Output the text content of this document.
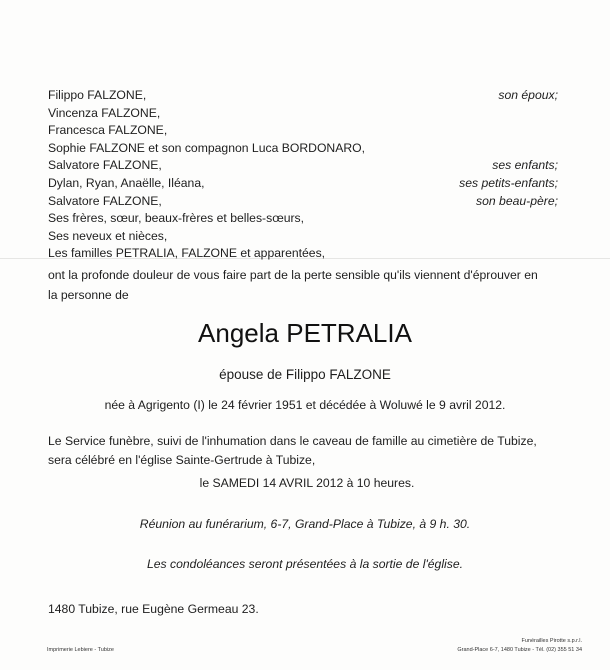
Filippo FALZONE,	son époux;
Vincenza FALZONE,
Francesca FALZONE,
Sophie FALZONE et son compagnon Luca BORDONARO,
Salvatore FALZONE,	ses enfants;
Dylan, Ryan, Anaëlle, Iléana,	ses petits-enfants;
Salvatore FALZONE,	son beau-père;
Ses frères, sœur, beaux-frères et belles-sœurs,
Ses neveux et nièces,
Les familles PETRALIA, FALZONE et apparentées,
ont la profonde douleur de vous faire part de la perte sensible qu'ils viennent d'éprouver en
la personne de
Angela PETRALIA
épouse de Filippo FALZONE
née à Agrigento (I) le 24 février 1951 et décédée à Woluwé le 9 avril 2012.
Le Service funèbre, suivi de l'inhumation dans le caveau de famille au cimetière de Tubize,
sera célébré en l'église Sainte-Gertrude à Tubize,
le SAMEDI 14 AVRIL 2012 à 10 heures.
Réunion au funérarium, 6-7, Grand-Place à Tubize, à 9 h. 30.
Les condoléances seront présentées à la sortie de l'église.
1480 Tubize, rue Eugène Germeau 23.
Imprimerie Lebiere - Tubize
Funérailles Pirotte s.p.r.l.
Grand-Place 6-7, 1480 Tubize - Tél. (02) 355 51 34
